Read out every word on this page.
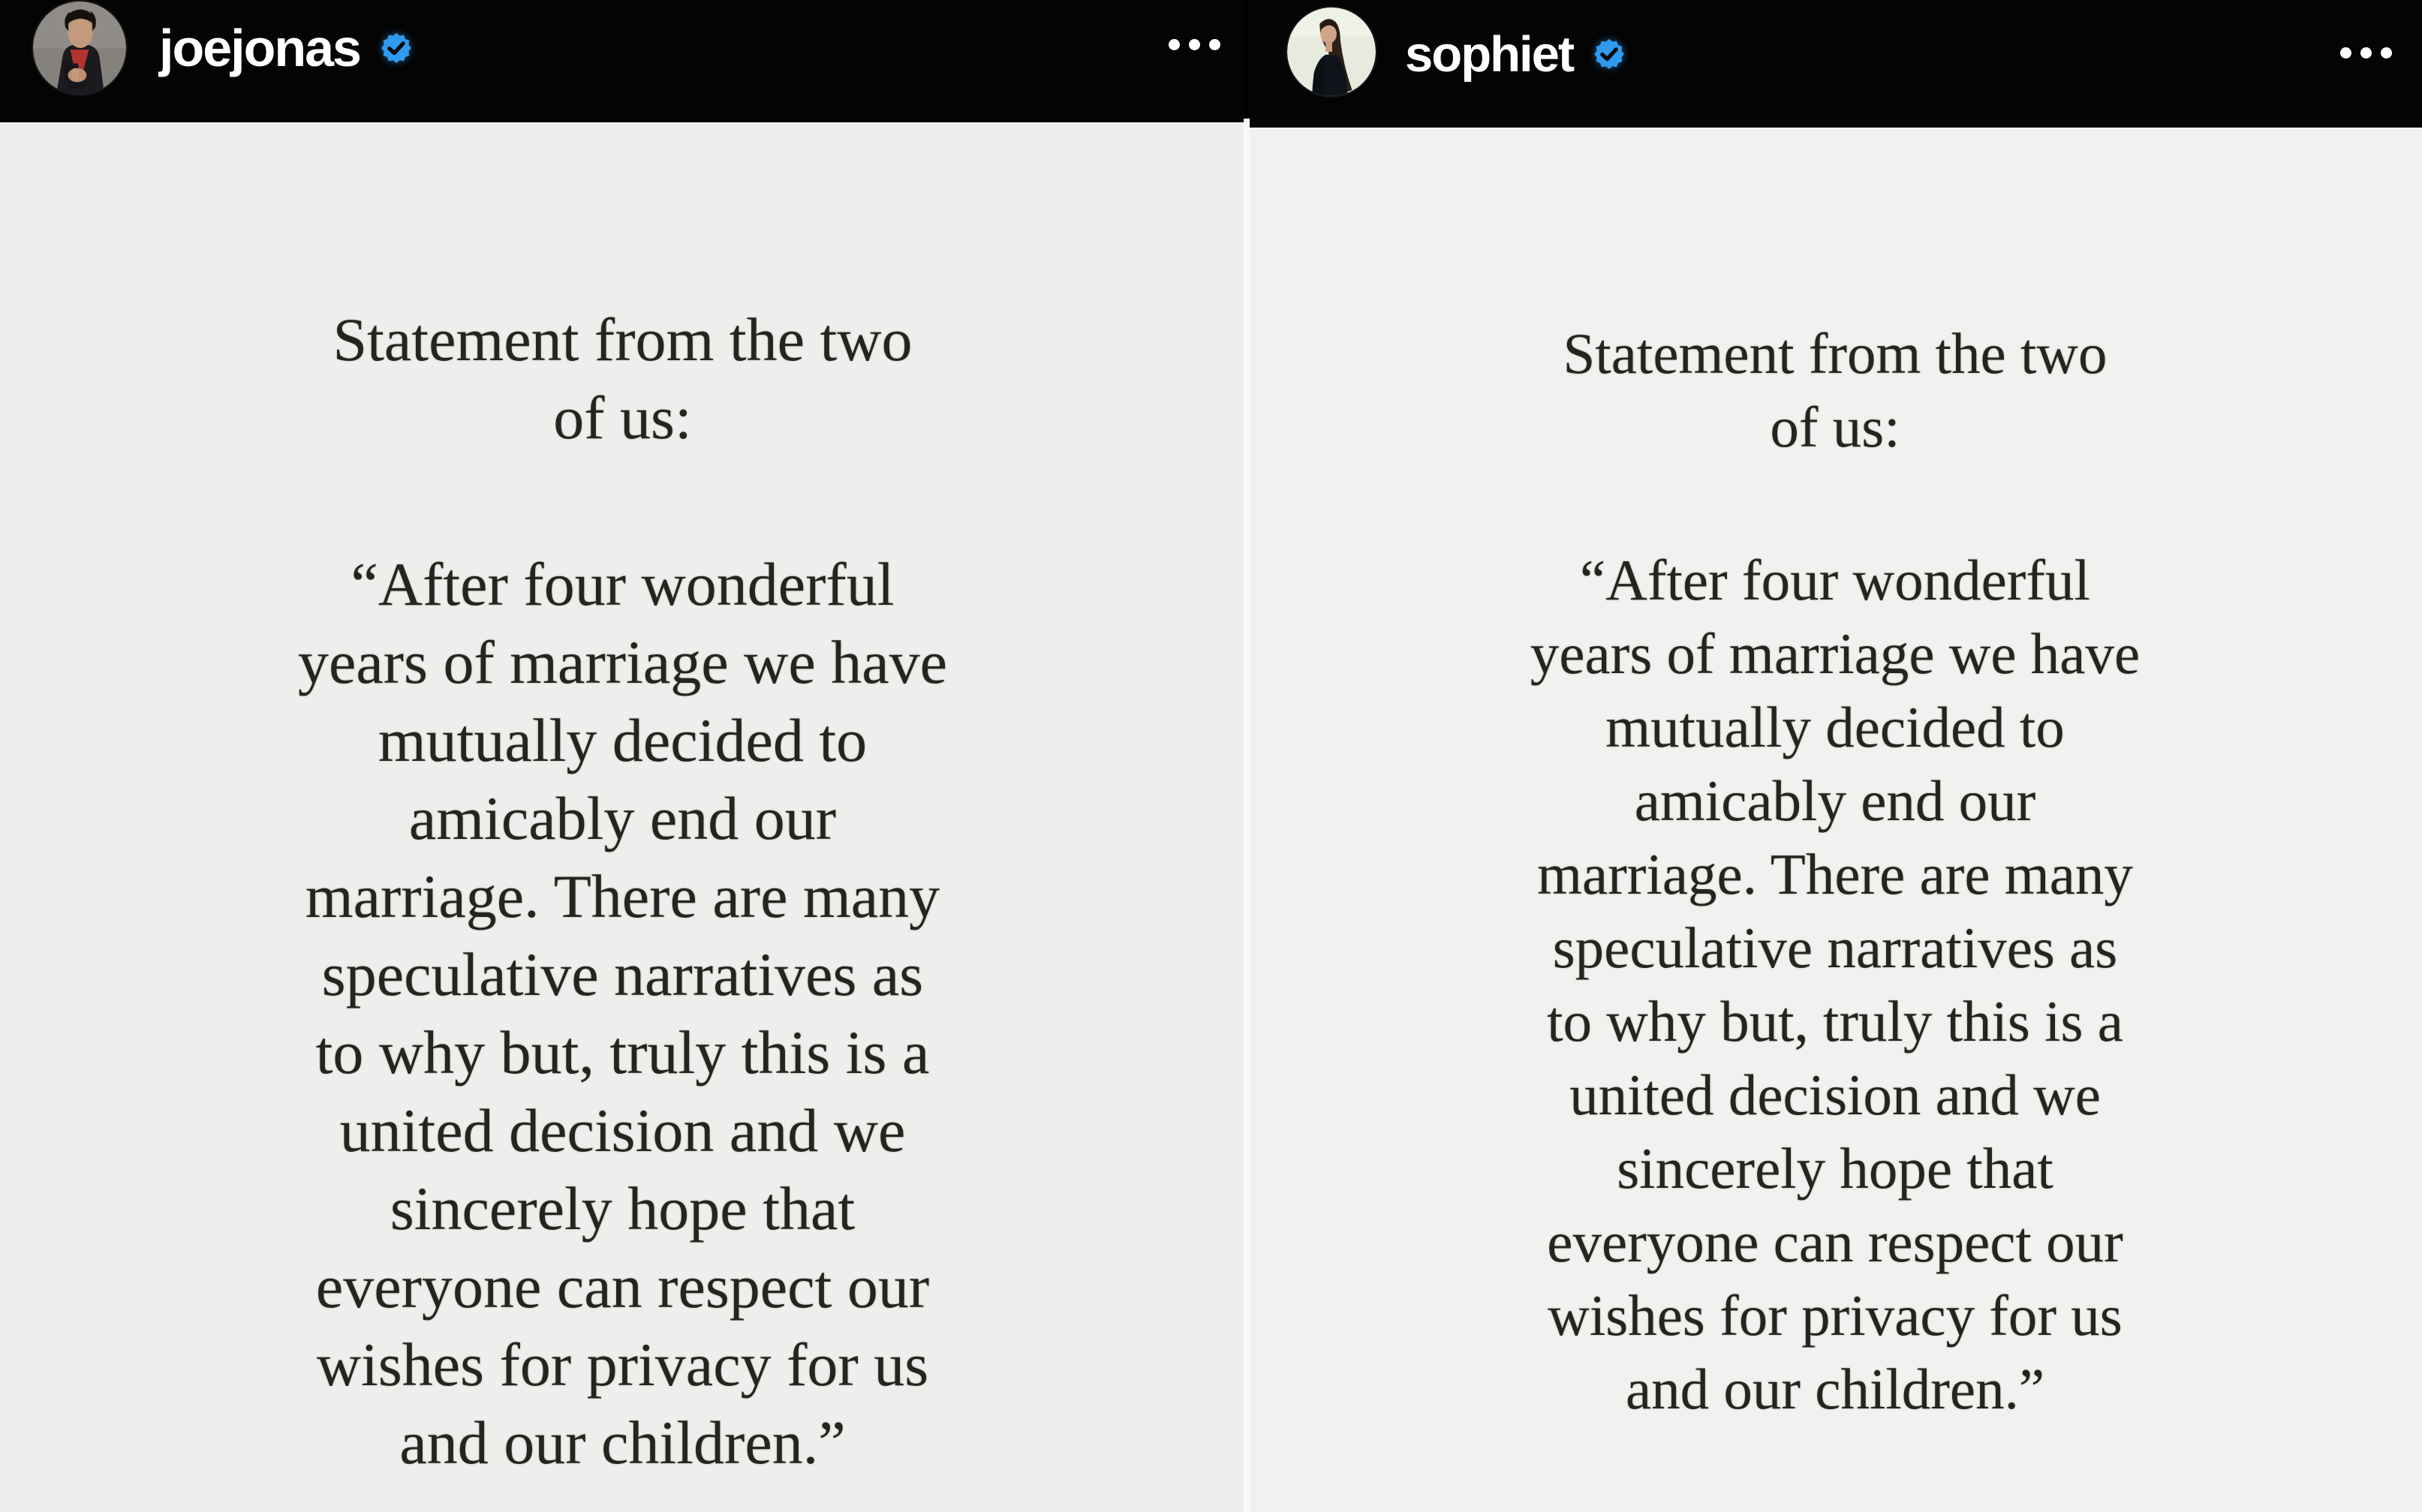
joejonas
Statement from the two
of us:
“After four wonderful
years of marriage we have
mutually decided to
amicably end our
marriage. There are many
speculative narratives as
to why but, truly this is a
united decision and we
sincerely hope that
everyone can respect our
wishes for privacy for us
and our children.”
sophiet
Statement from the two
of us:
“After four wonderful
years of marriage we have
mutually decided to
amicably end our
marriage. There are many
speculative narratives as
to why but, truly this is a
united decision and we
sincerely hope that
everyone can respect our
wishes for privacy for us
and our children.”
